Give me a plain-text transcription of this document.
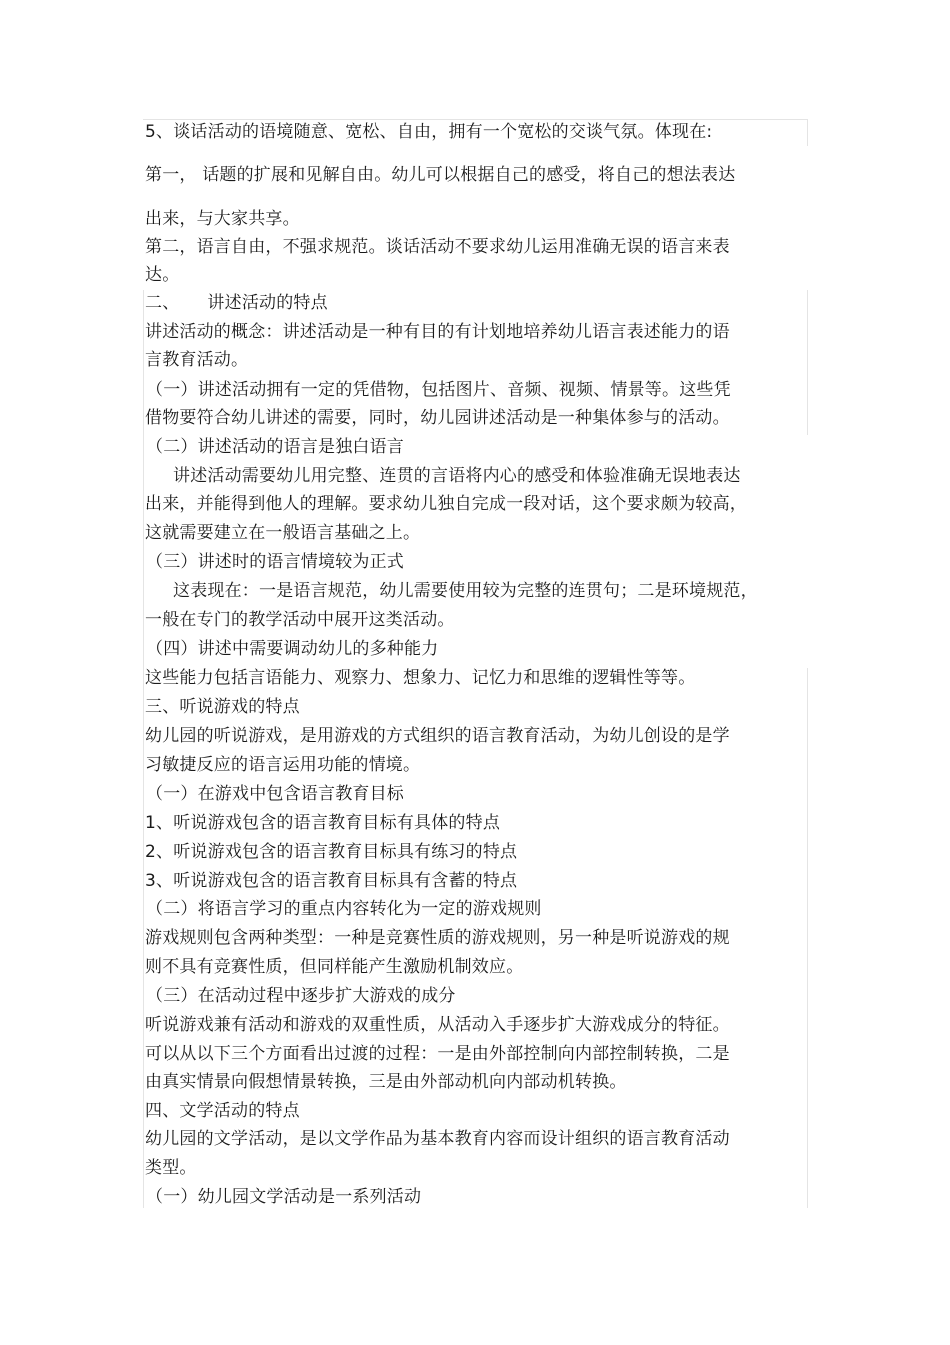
5、谈话活动的语境随意、宽松、自由，拥有一个宽松的交谈气氛。体现在:
第一， 话题的扩展和见解自由。幼儿可以根据自己的感受，将自己的想法表达
出来，与大家共享。
第二，语言自由，不强求规范。谈话活动不要求幼儿运用准确无误的语言来表
达。
二、     讲述活动的特点
讲述活动的概念：讲述活动是一种有目的有计划地培养幼儿语言表述能力的语
言教育活动。
（一）讲述活动拥有一定的凭借物，包括图片、音频、视频、情景等。这些凭
借物要符合幼儿讲述的需要，同时，幼儿园讲述活动是一种集体参与的活动。
（二）讲述活动的语言是独白语言
讲述活动需要幼儿用完整、连贯的言语将内心的感受和体验准确无误地表达
出来，并能得到他人的理解。要求幼儿独自完成一段对话，这个要求颇为较高，
这就需要建立在一般语言基础之上。
（三）讲述时的语言情境较为正式
这表现在：一是语言规范，幼儿需要使用较为完整的连贯句；二是环境规范，
一般在专门的教学活动中展开这类活动。
（四）讲述中需要调动幼儿的多种能力
这些能力包括言语能力、观察力、想象力、记忆力和思维的逻辑性等等。
三、听说游戏的特点
幼儿园的听说游戏，是用游戏的方式组织的语言教育活动，为幼儿创设的是学
习敏捷反应的语言运用功能的情境。
（一）在游戏中包含语言教育目标
1、听说游戏包含的语言教育目标有具体的特点
2、听说游戏包含的语言教育目标具有练习的特点
3、听说游戏包含的语言教育目标具有含蓄的特点
（二）将语言学习的重点内容转化为一定的游戏规则
游戏规则包含两种类型：一种是竞赛性质的游戏规则，另一种是听说游戏的规
则不具有竞赛性质，但同样能产生激励机制效应。
（三）在活动过程中逐步扩大游戏的成分
听说游戏兼有活动和游戏的双重性质，从活动入手逐步扩大游戏成分的特征。
可以从以下三个方面看出过渡的过程：一是由外部控制向内部控制转换，二是
由真实情景向假想情景转换，三是由外部动机向内部动机转换。
四、文学活动的特点
幼儿园的文学活动，是以文学作品为基本教育内容而设计组织的语言教育活动
类型。
（一）幼儿园文学活动是一系列活动
